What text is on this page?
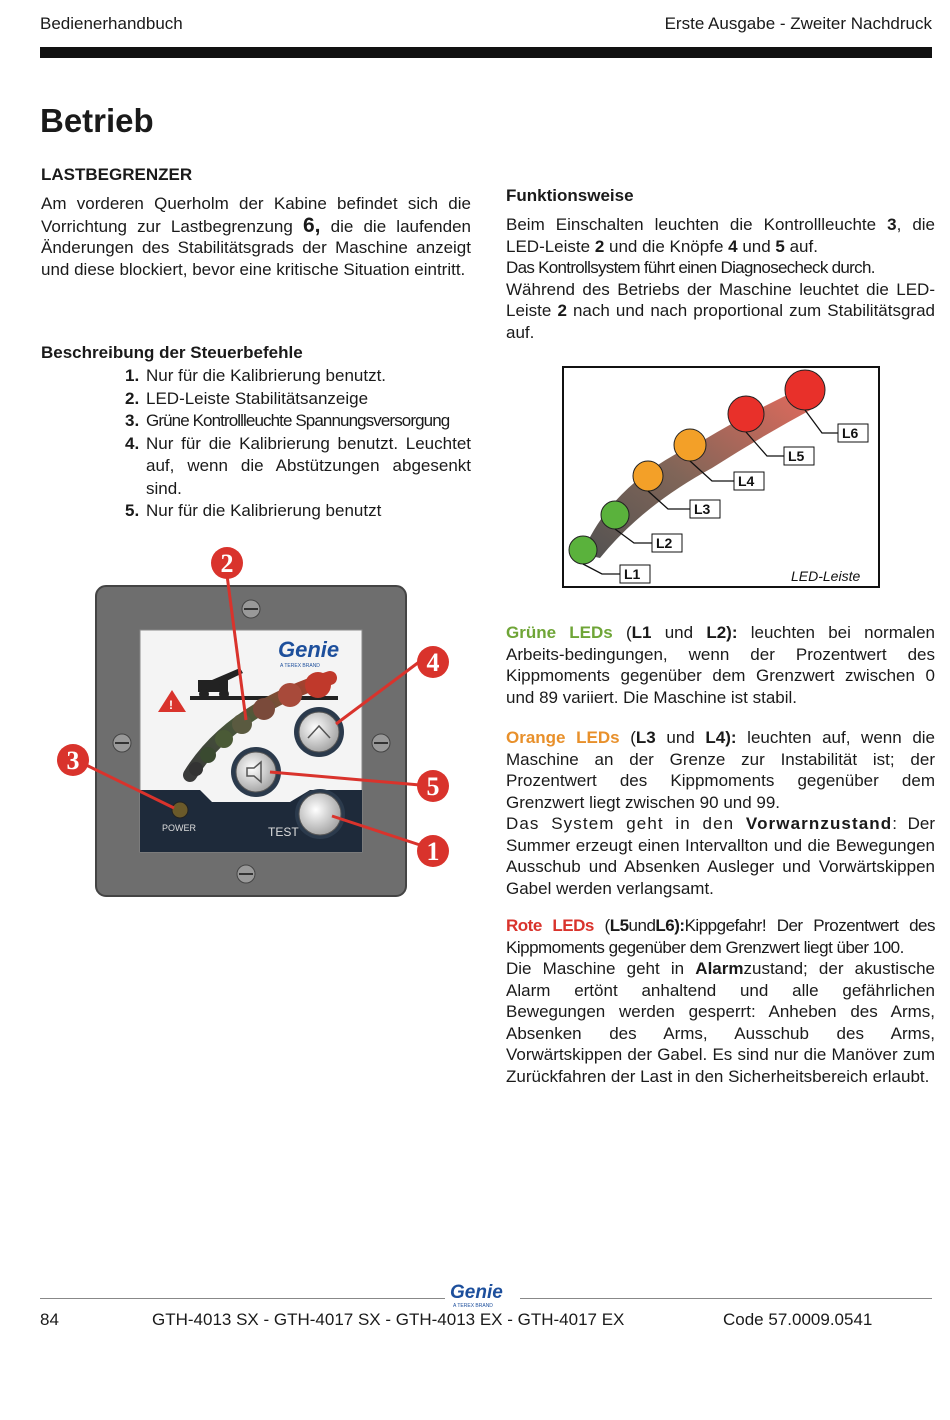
Bedienerhandbuch	Erste Ausgabe - Zweiter Nachdruck
Betrieb
LASTBEGRENZER
Am vorderen Querholm der Kabine befindet sich die Vorrichtung zur Lastbegrenzung 6, die die laufenden Änderungen des Stabilitätsgrads der Maschine anzeigt und diese blockiert, bevor eine kritische Situation eintritt.
Beschreibung der Steuerbefehle
1. Nur für die Kalibrierung benutzt.
2. LED-Leiste Stabilitätsanzeige
3. Grüne Kontrollleuchte Spannungsversorgung
4. Nur für die Kalibrierung benutzt. Leuchtet auf, wenn die Abstützungen abgesenkt sind.
5. Nur für die Kalibrierung benutzt
Genie
A TEREX BRAND
!
POWER	TEST
2
4
3
5
1
Funktionsweise
Beim Einschalten leuchten die Kontrollleuchte 3, die LED-Leiste 2 und die Knöpfe 4 und 5 auf.
Das Kontrollsystem führt einen Diagnosecheck durch.
Während des Betriebs der Maschine leuchtet die LED-Leiste 2 nach und nach proportional zum Stabilitätsgrad auf.
L1
L2
L3
L4
L5
L6
LED-Leiste
Grüne LEDs (L1 und L2): leuchten bei normalen Arbeits-bedingungen, wenn der Prozentwert des Kippmoments gegenüber dem Grenzwert zwischen 0 und 89 variiert. Die Maschine ist stabil.
Orange LEDs (L3 und L4): leuchten auf, wenn die Maschine an der Grenze zur Instabilität ist; der Prozentwert des Kippmoments gegenüber dem Grenzwert liegt zwischen 90 und 99.
Das System geht in den Vorwarnzustand: Der Summer erzeugt einen Intervallton und die Bewegungen Ausschub und Absenken Ausleger und Vorwärtskippen Gabel werden verlangsamt.
Rote LEDs (L5undL6):Kippgefahr! Der Prozentwert des Kippmoments gegenüber dem Grenzwert liegt über 100.
Die Maschine geht in Alarmzustand; der akustische Alarm ertönt anhaltend und alle gefährlichen Bewegungen werden gesperrt: Anheben des Arms, Absenken des Arms, Ausschub des Arms, Vorwärtskippen der Gabel. Es sind nur die Manöver zum Zurückfahren der Last in den Sicherheitsbereich erlaubt.
Genie
A TEREX BRAND
84	GTH-4013 SX - GTH-4017 SX - GTH-4013 EX - GTH-4017 EX	Code 57.0009.0541
